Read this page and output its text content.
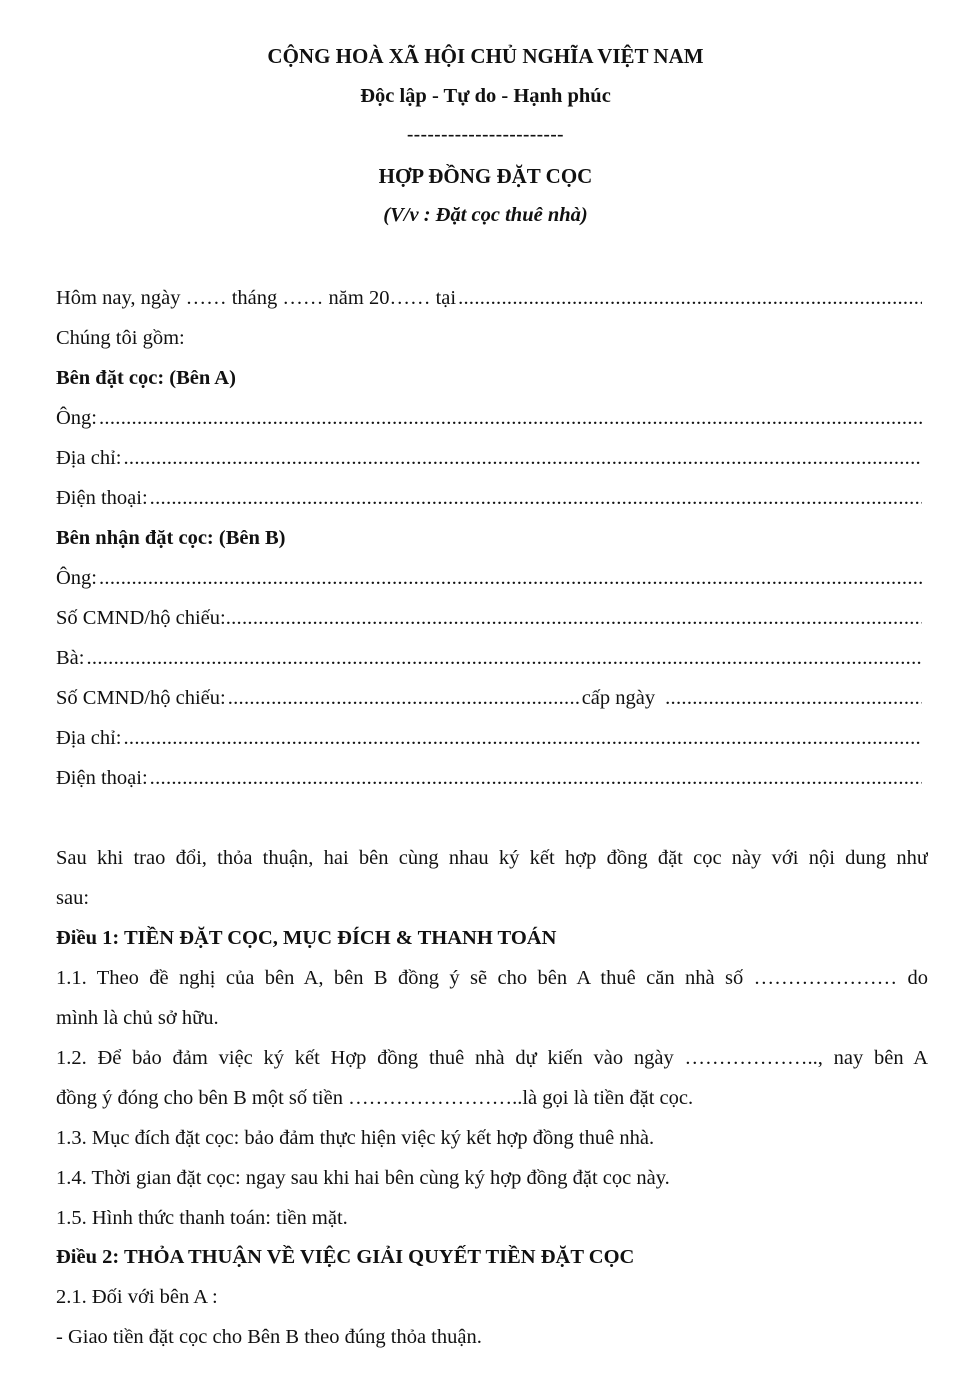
CỘNG HOÀ XÃ HỘI CHỦ NGHĨA VIỆT NAM
Độc lập - Tự do - Hạnh phúc
-----------------------
HỢP ĐỒNG ĐẶT CỌC
(V/v : Đặt cọc thuê nhà)
Hôm nay, ngày …… tháng …… năm 20…… tại
.....
Chúng tôi gồm:
Bên đặt cọc: (Bên A)
Ông:
.....
Địa chỉ:
.....
Điện thoại:
.....
Bên nhận đặt cọc: (Bên B)
Ông:
.....
Số CMND/hộ chiếu:
.....
Bà:
.....
Số CMND/hộ chiếu:
.....	cấp ngày
.....
Địa chỉ:
.....
Điện thoại:
.....
Sau khi trao đổi, thỏa thuận, hai bên cùng nhau ký kết hợp đồng đặt cọc này với nội dung như
sau:
Điều 1: TIỀN ĐẶT CỌC, MỤC ĐÍCH & THANH TOÁN
1.1. Theo đề nghị của bên A, bên B đồng ý sẽ cho bên A thuê căn nhà số ………………… do
mình là chủ sở hữu.
1.2. Để bảo đảm việc ký kết Hợp đồng thuê nhà dự kiến vào ngày ……………….., nay bên A
đồng ý đóng cho bên B một số tiền ……………………..là gọi là tiền đặt cọc.
1.3. Mục đích đặt cọc: bảo đảm thực hiện việc ký kết hợp đồng thuê nhà.
1.4. Thời gian đặt cọc: ngay sau khi hai bên cùng ký hợp đồng đặt cọc này.
1.5. Hình thức thanh toán: tiền mặt.
Điều 2: THỎA THUẬN VỀ VIỆC GIẢI QUYẾT TIỀN ĐẶT CỌC
2.1. Đối với bên A :
- Giao tiền đặt cọc cho Bên B theo đúng thỏa thuận.
